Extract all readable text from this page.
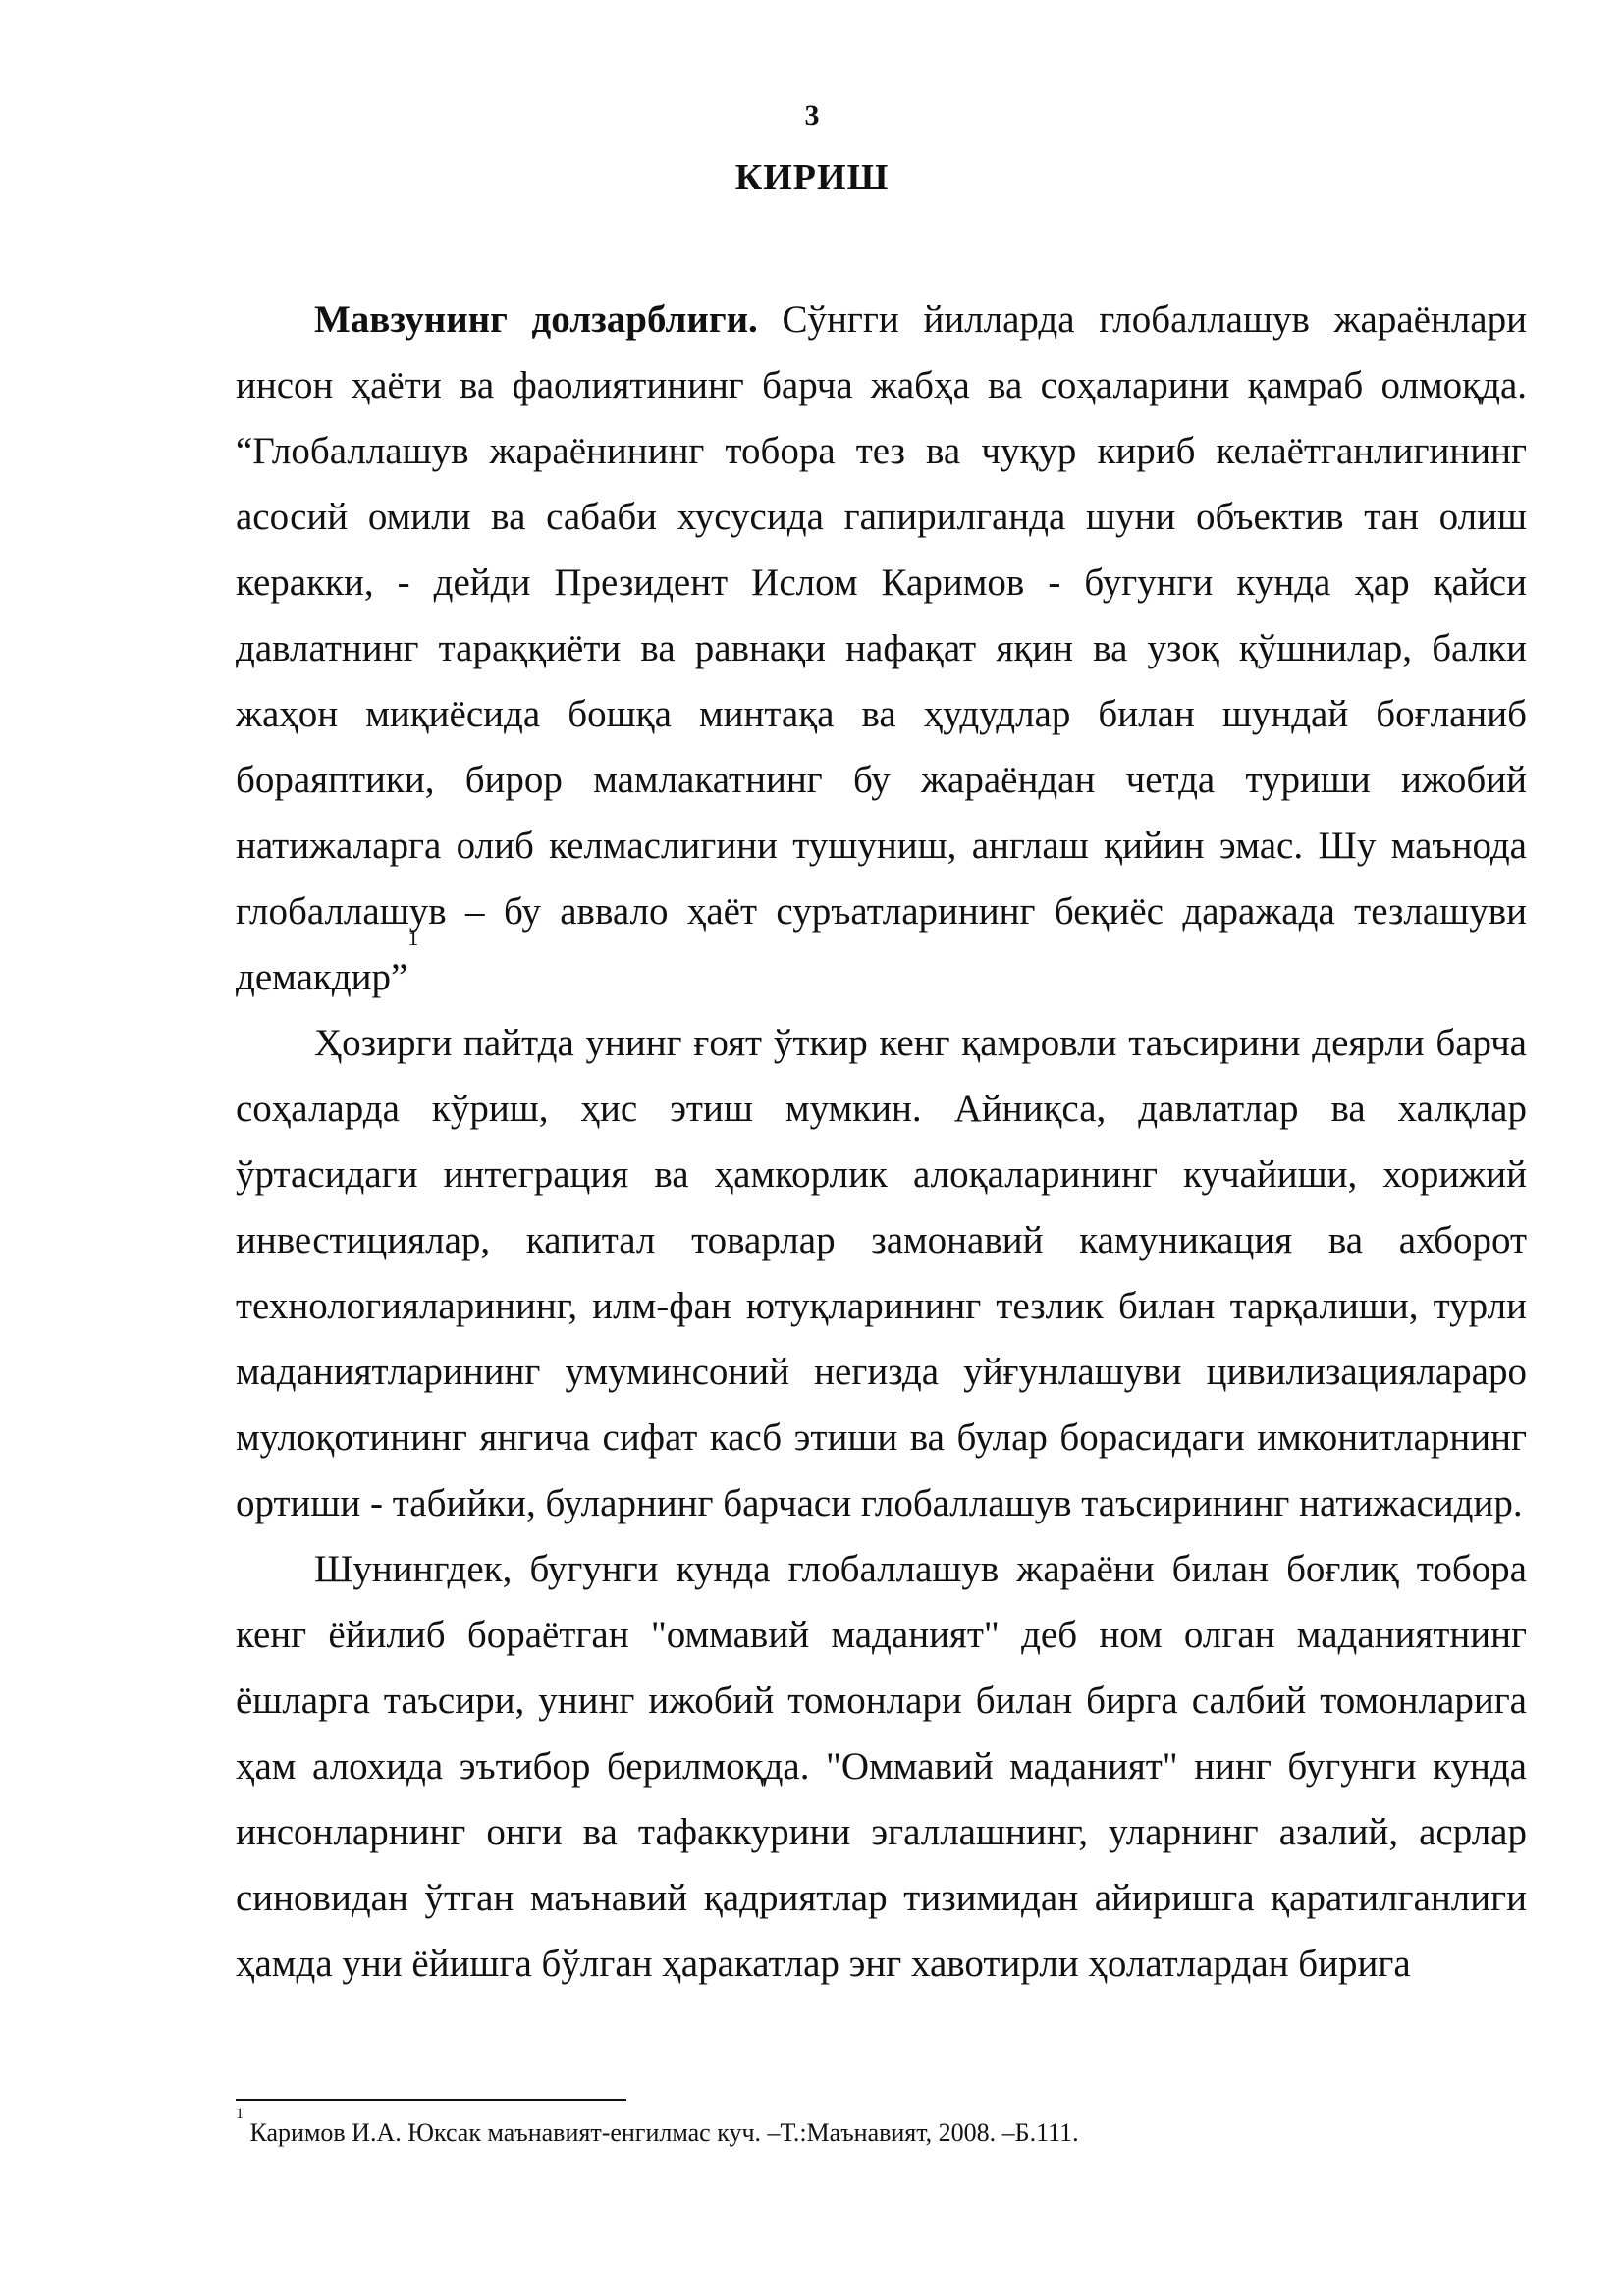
3
КИРИШ

Мавзунинг долзарблиги. Сўнгги йилларда глобаллашув жараёнлари инсон ҳаёти ва фаолиятининг барча жабҳа ва соҳаларини қамраб олмоқда. “Глобаллашув жараёнининг тобора тез ва чуқур кириб келаётганлигининг асосий омили ва сабаби хусусида гапирилганда шуни объектив тан олиш керакки, - дейди Президент Ислом Каримов - бугунги кунда ҳар қайси давлатнинг тараққиёти ва равнақи нафақат яқин ва узоқ қўшнилар, балки жаҳон миқиёсида бошқа минтақа ва ҳудудлар билан шундай боғланиб бораяптики, бирор мамлакатнинг бу жараёндан четда туриши ижобий натижаларга олиб келмаслигини тушуниш, англаш қийин эмас. Шу маънода глобаллашув – бу аввало ҳаёт суръатларининг беқиёс даражада тезлашуви демакдир”$^1$

Ҳозирги пайтда унинг ғоят ўткир кенг қамровли таъсирини деярли барча соҳаларда кўриш, ҳис этиш мумкин. Айниқса, давлатлар ва халқлар ўртасидаги интеграция ва ҳамкорлик алоқаларининг кучайиши, хорижий инвестициялар, капитал товарлар замонавий камуникация ва ахборот технологияларининг, илм-фан ютуқларининг тезлик билан тарқалиши, турли маданиятларининг умуминсоний негизда уйғунлашуви цивилизациялараро мулоқотининг янгича сифат касб этиши ва булар борасидаги имконитларнинг ортиши - табийки, буларнинг барчаси глобаллашув таъсирининг натижасидир.

Шунингдек, бугунги кунда глобаллашув жараёни билан боғлиқ тобора кенг ёйилиб бораётган "оммавий маданият" деб ном олган маданиятнинг ёшларга таъсири, унинг ижобий томонлари билан бирга салбий томонларига ҳам алохида эътибор берилмоқда. "Оммавий маданият" нинг бугунги кунда инсонларнинг онги ва тафаккурини эгаллашнинг, уларнинг азалий, асрлар синовидан ўтган маънавий қадриятлар тизимидан айиришга қаратилганлиги ҳамда уни ёйишга бўлган ҳаракатлар энг хавотирли ҳолатлардан бирига

$^1$ Каримов И.А. Юксак маънавият-енгилмас куч. –Т.:Маънавият, 2008. –Б.111.
